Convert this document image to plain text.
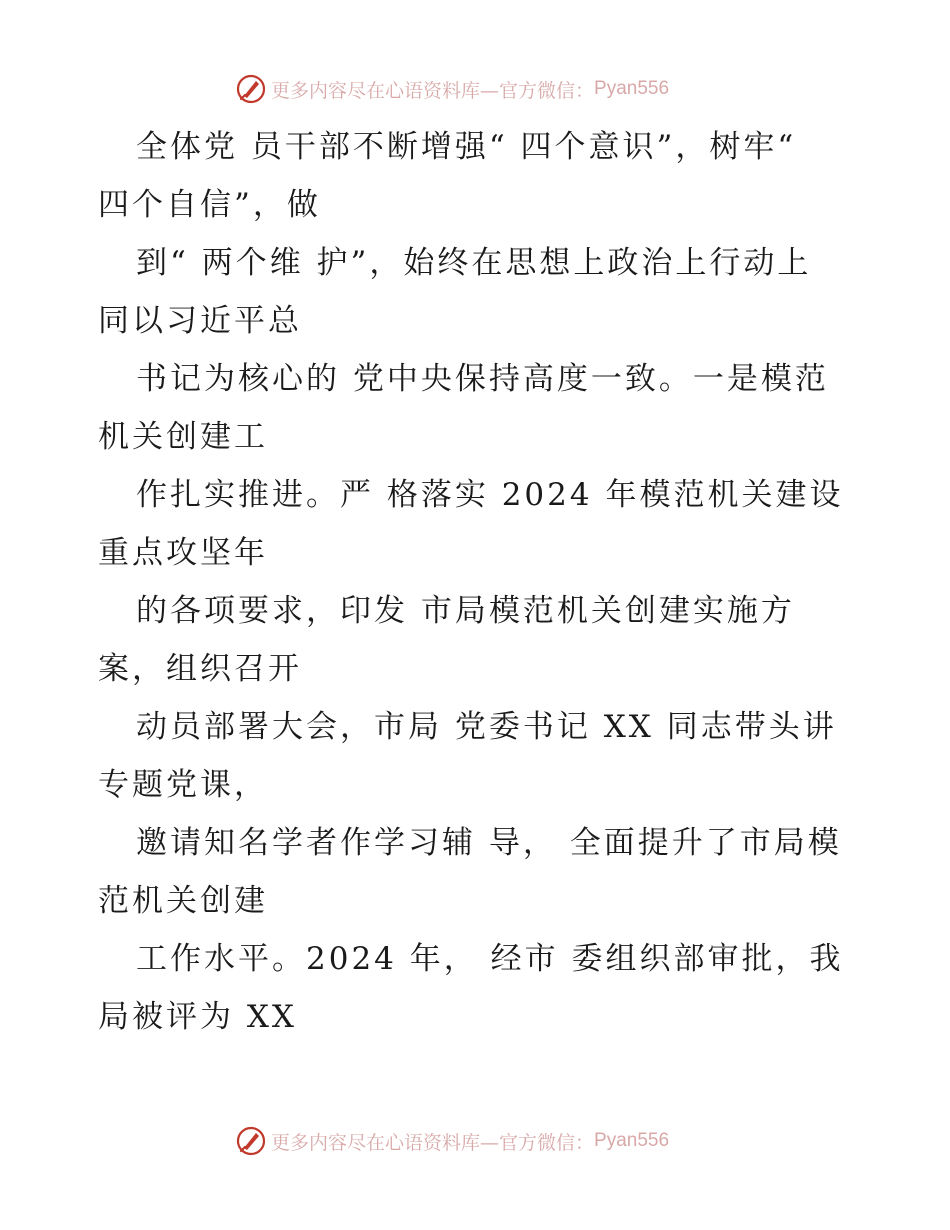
更多内容尽在心语资料库—官方微信： Pyan556
全体党 员干部不断增强“ 四个意识”，树牢“
四个自信”，做
到“ 两个维 护”，始终在思想上政治上行动上
同以习近平总
书记为核心的 党中央保持高度一致。一是模范
机关创建工
作扎实推进。严 格落实 2024 年模范机关建设
重点攻坚年
的各项要求，印发 市局模范机关创建实施方
案，组织召开
动员部署大会，市局 党委书记 XX 同志带头讲
专题党课，
邀请知名学者作学习辅 导， 全面提升了市局模
范机关创建
工作水平。2024 年， 经市 委组织部审批，我
局被评为 XX
更多内容尽在心语资料库—官方微信： Pyan556
